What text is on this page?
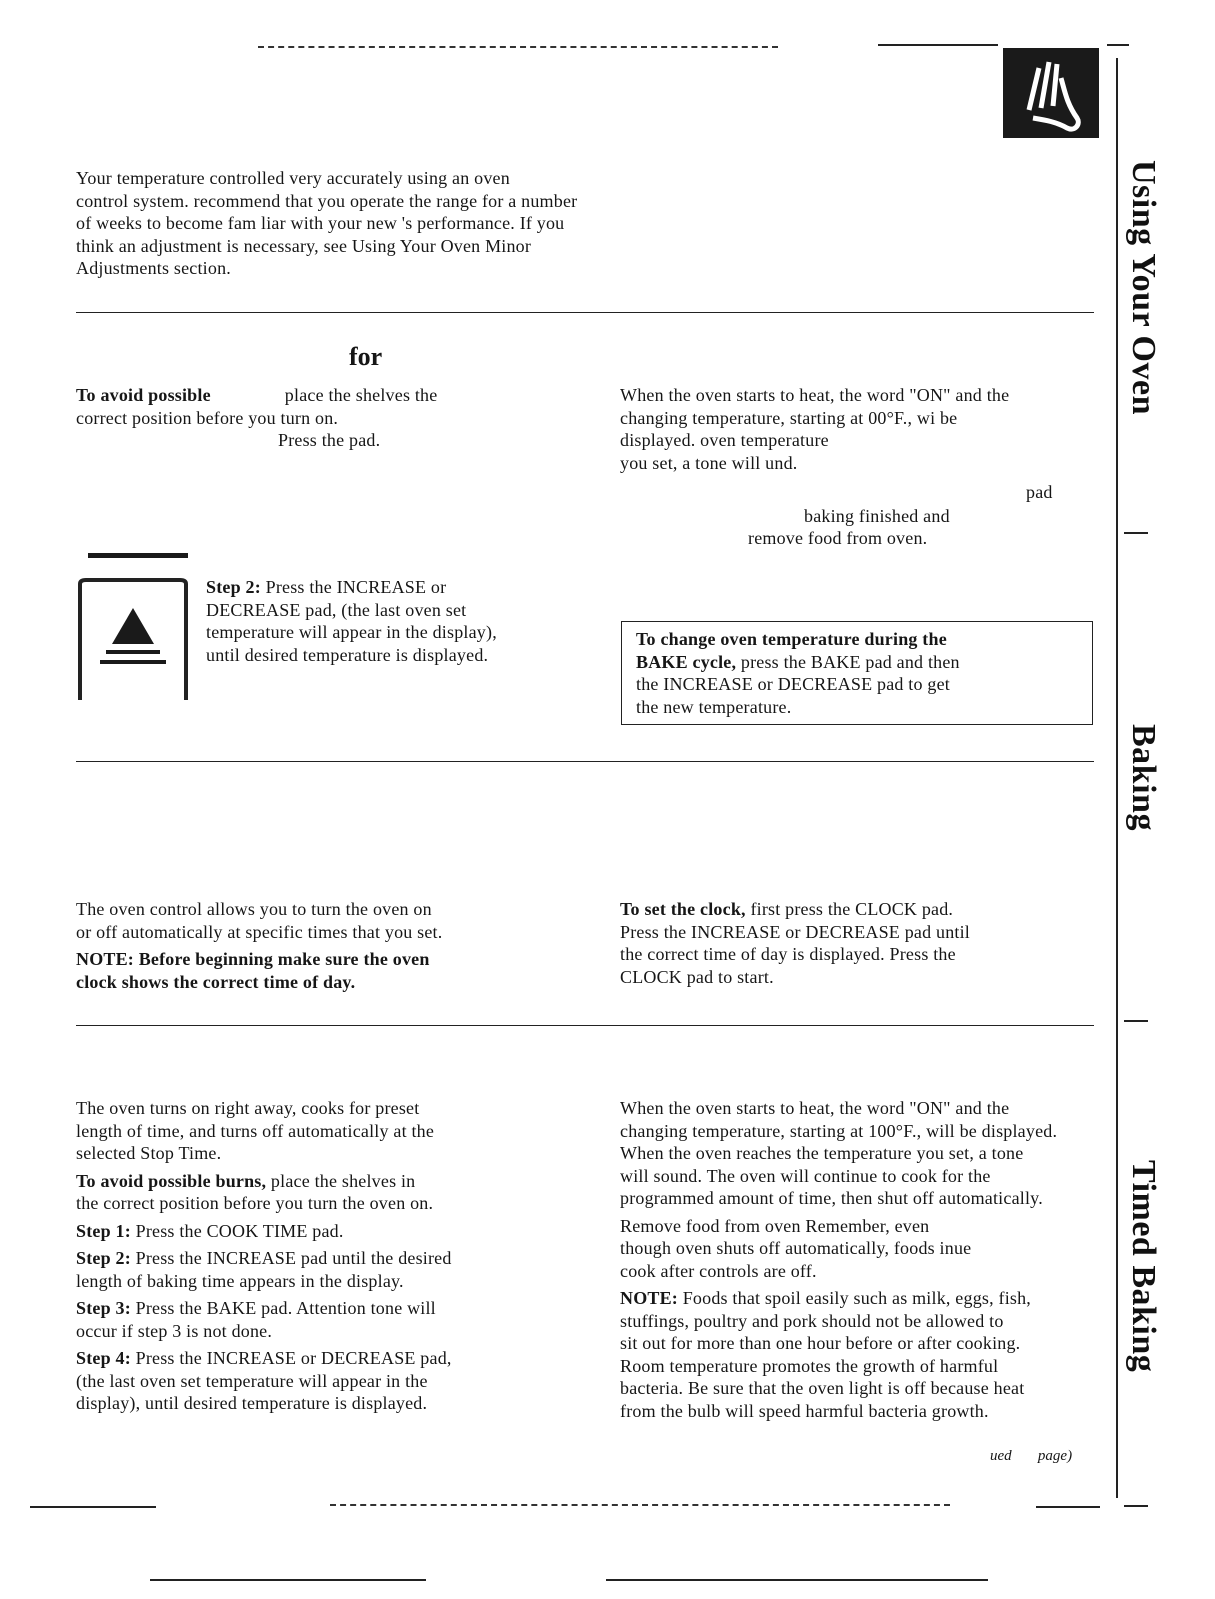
Using Your Oven
Baking
Timed Baking
Your temperature controlled very accurately using an oven
control system. recommend that you operate the range for a number
of weeks to become fam liar with your new 's performance. If you
think an adjustment is necessary, see Using Your Oven Minor
Adjustments section.
for
To avoid possible	place the shelves the
correct position before you turn on.
Press the pad.
When the oven starts to heat, the word "ON" and the
changing temperature, starting at 00°F., wi be
displayed. oven temperature
you set, a tone will und.
pad
baking finished and
remove food from oven.
Step 2: Press the INCREASE or
DECREASE pad, (the last oven set
temperature will appear in the display),
until desired temperature is displayed.
To change oven temperature during the
BAKE cycle, press the BAKE pad and then
the INCREASE or DECREASE pad to get
the new temperature.
The oven control allows you to turn the oven on
or off automatically at specific times that you set.
NOTE: Before beginning make sure the oven
clock shows the correct time of day.
To set the clock, first press the CLOCK pad.
Press the INCREASE or DECREASE pad until
the correct time of day is displayed. Press the
CLOCK pad to start.
The oven turns on right away, cooks for preset
length of time, and turns off automatically at the
selected Stop Time.
To avoid possible burns, place the shelves in
the correct position before you turn the oven on.
Step 1: Press the COOK TIME pad.
Step 2: Press the INCREASE pad until the desired
length of baking time appears in the display.
Step 3: Press the BAKE pad. Attention tone will
occur if step 3 is not done.
Step 4: Press the INCREASE or DECREASE pad,
(the last oven set temperature will appear in the
display), until desired temperature is displayed.
When the oven starts to heat, the word "ON" and the
changing temperature, starting at 100°F., will be displayed.
When the oven reaches the temperature you set, a tone
will sound. The oven will continue to cook for the
programmed amount of time, then shut off automatically.
Remove food from oven Remember, even
though oven shuts off automatically, foods inue
cook after controls are off.
NOTE: Foods that spoil easily such as milk, eggs, fish,
stuffings, poultry and pork should not be allowed to
sit out for more than one hour before or after cooking.
Room temperature promotes the growth of harmful
bacteria. Be sure that the oven light is off because heat
from the bulb will speed harmful bacteria growth.
ued       page)
